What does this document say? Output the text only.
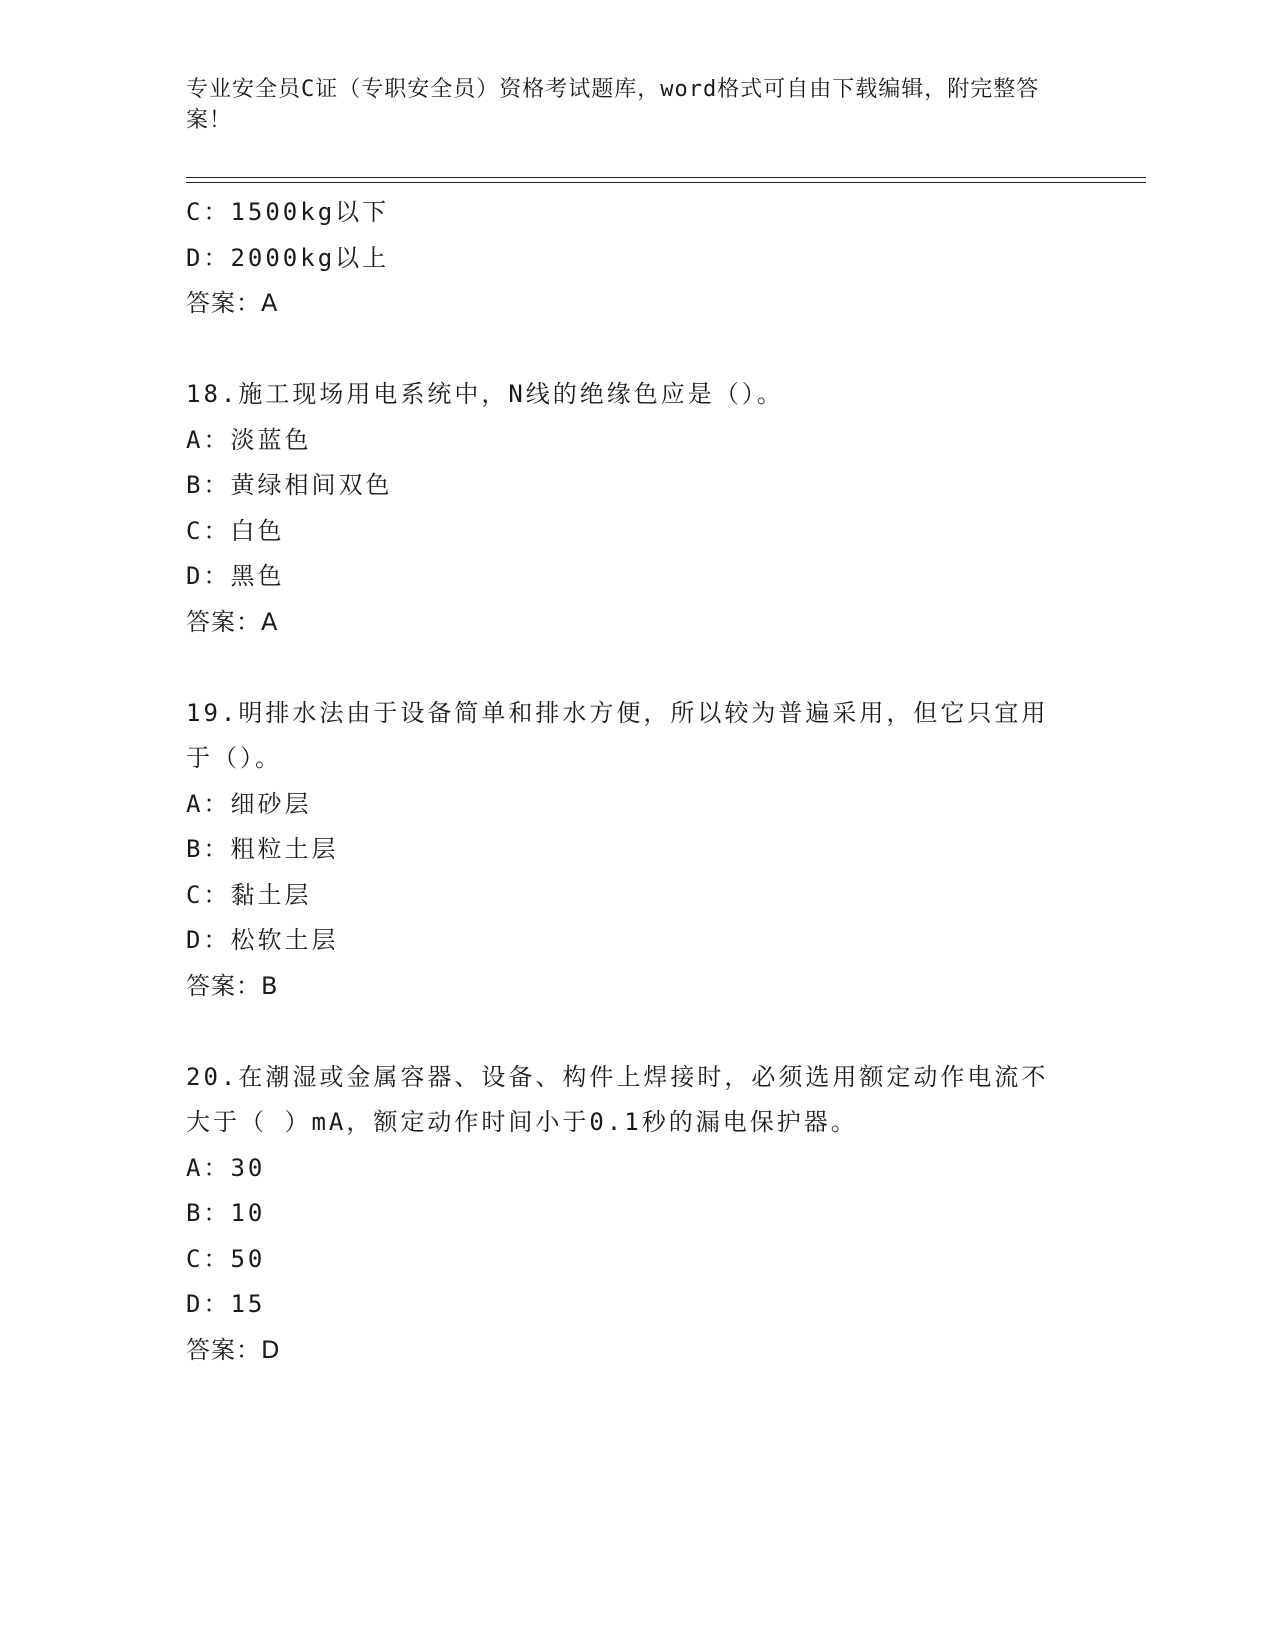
专业安全员C证（专职安全员）资格考试题库，word格式可自由下载编辑，附完整答案！
C：1500kg以下
D：2000kg以上
答案：A
18.施工现场用电系统中，N线的绝缘色应是（）。
A：淡蓝色
B：黄绿相间双色
C：白色
D：黑色
答案：A
19.明排水法由于设备简单和排水方便，所以较为普遍采用，但它只宜用于（）。
A：细砂层
B：粗粒土层
C：黏土层
D：松软土层
答案：B
20.在潮湿或金属容器、设备、构件上焊接时，必须选用额定动作电流不大于（ ）mA，额定动作时间小于0.1秒的漏电保护器。
A：30
B：10
C：50
D：15
答案：D
